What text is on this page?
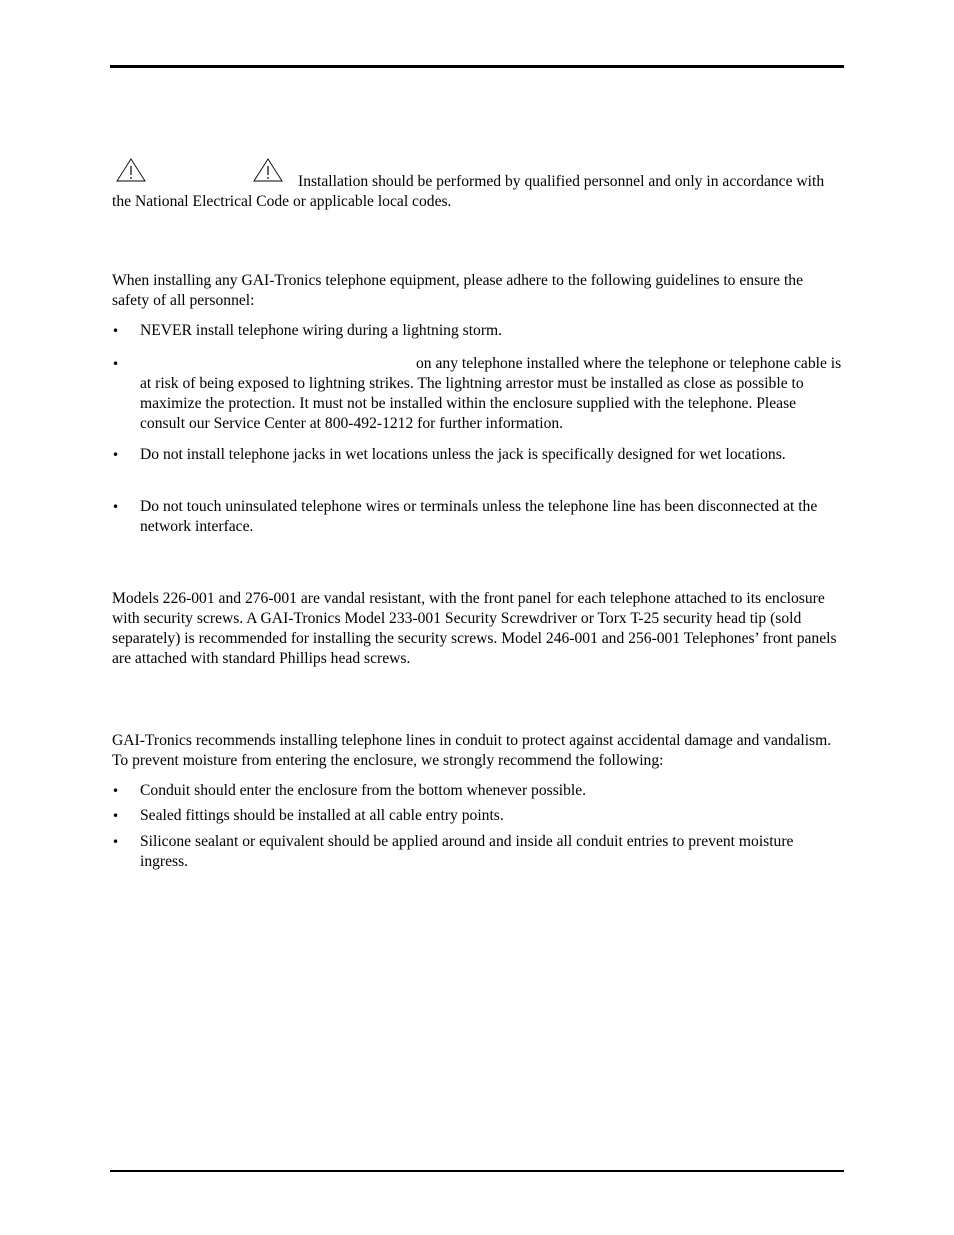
Installation should be performed by qualified personnel and only in accordance with the National Electrical Code or applicable local codes.

When installing any GAI-Tronics telephone equipment, please adhere to the following guidelines to ensure the safety of all personnel:

•	NEVER install telephone wiring during a lightning storm.
•	on any telephone installed where the telephone or telephone cable is at risk of being exposed to lightning strikes. The lightning arrestor must be installed as close as possible to maximize the protection. It must not be installed within the enclosure supplied with the telephone. Please consult our Service Center at 800-492-1212 for further information.
•	Do not install telephone jacks in wet locations unless the jack is specifically designed for wet locations.
•	Do not touch uninsulated telephone wires or terminals unless the telephone line has been disconnected at the network interface.

Models 226-001 and 276-001 are vandal resistant, with the front panel for each telephone attached to its enclosure with security screws. A GAI-Tronics Model 233-001 Security Screwdriver or Torx T-25 security head tip (sold separately) is recommended for installing the security screws. Model 246-001 and 256-001 Telephones’ front panels are attached with standard Phillips head screws.

GAI-Tronics recommends installing telephone lines in conduit to protect against accidental damage and vandalism. To prevent moisture from entering the enclosure, we strongly recommend the following:

•	Conduit should enter the enclosure from the bottom whenever possible.
•	Sealed fittings should be installed at all cable entry points.
•	Silicone sealant or equivalent should be applied around and inside all conduit entries to prevent moisture ingress.
